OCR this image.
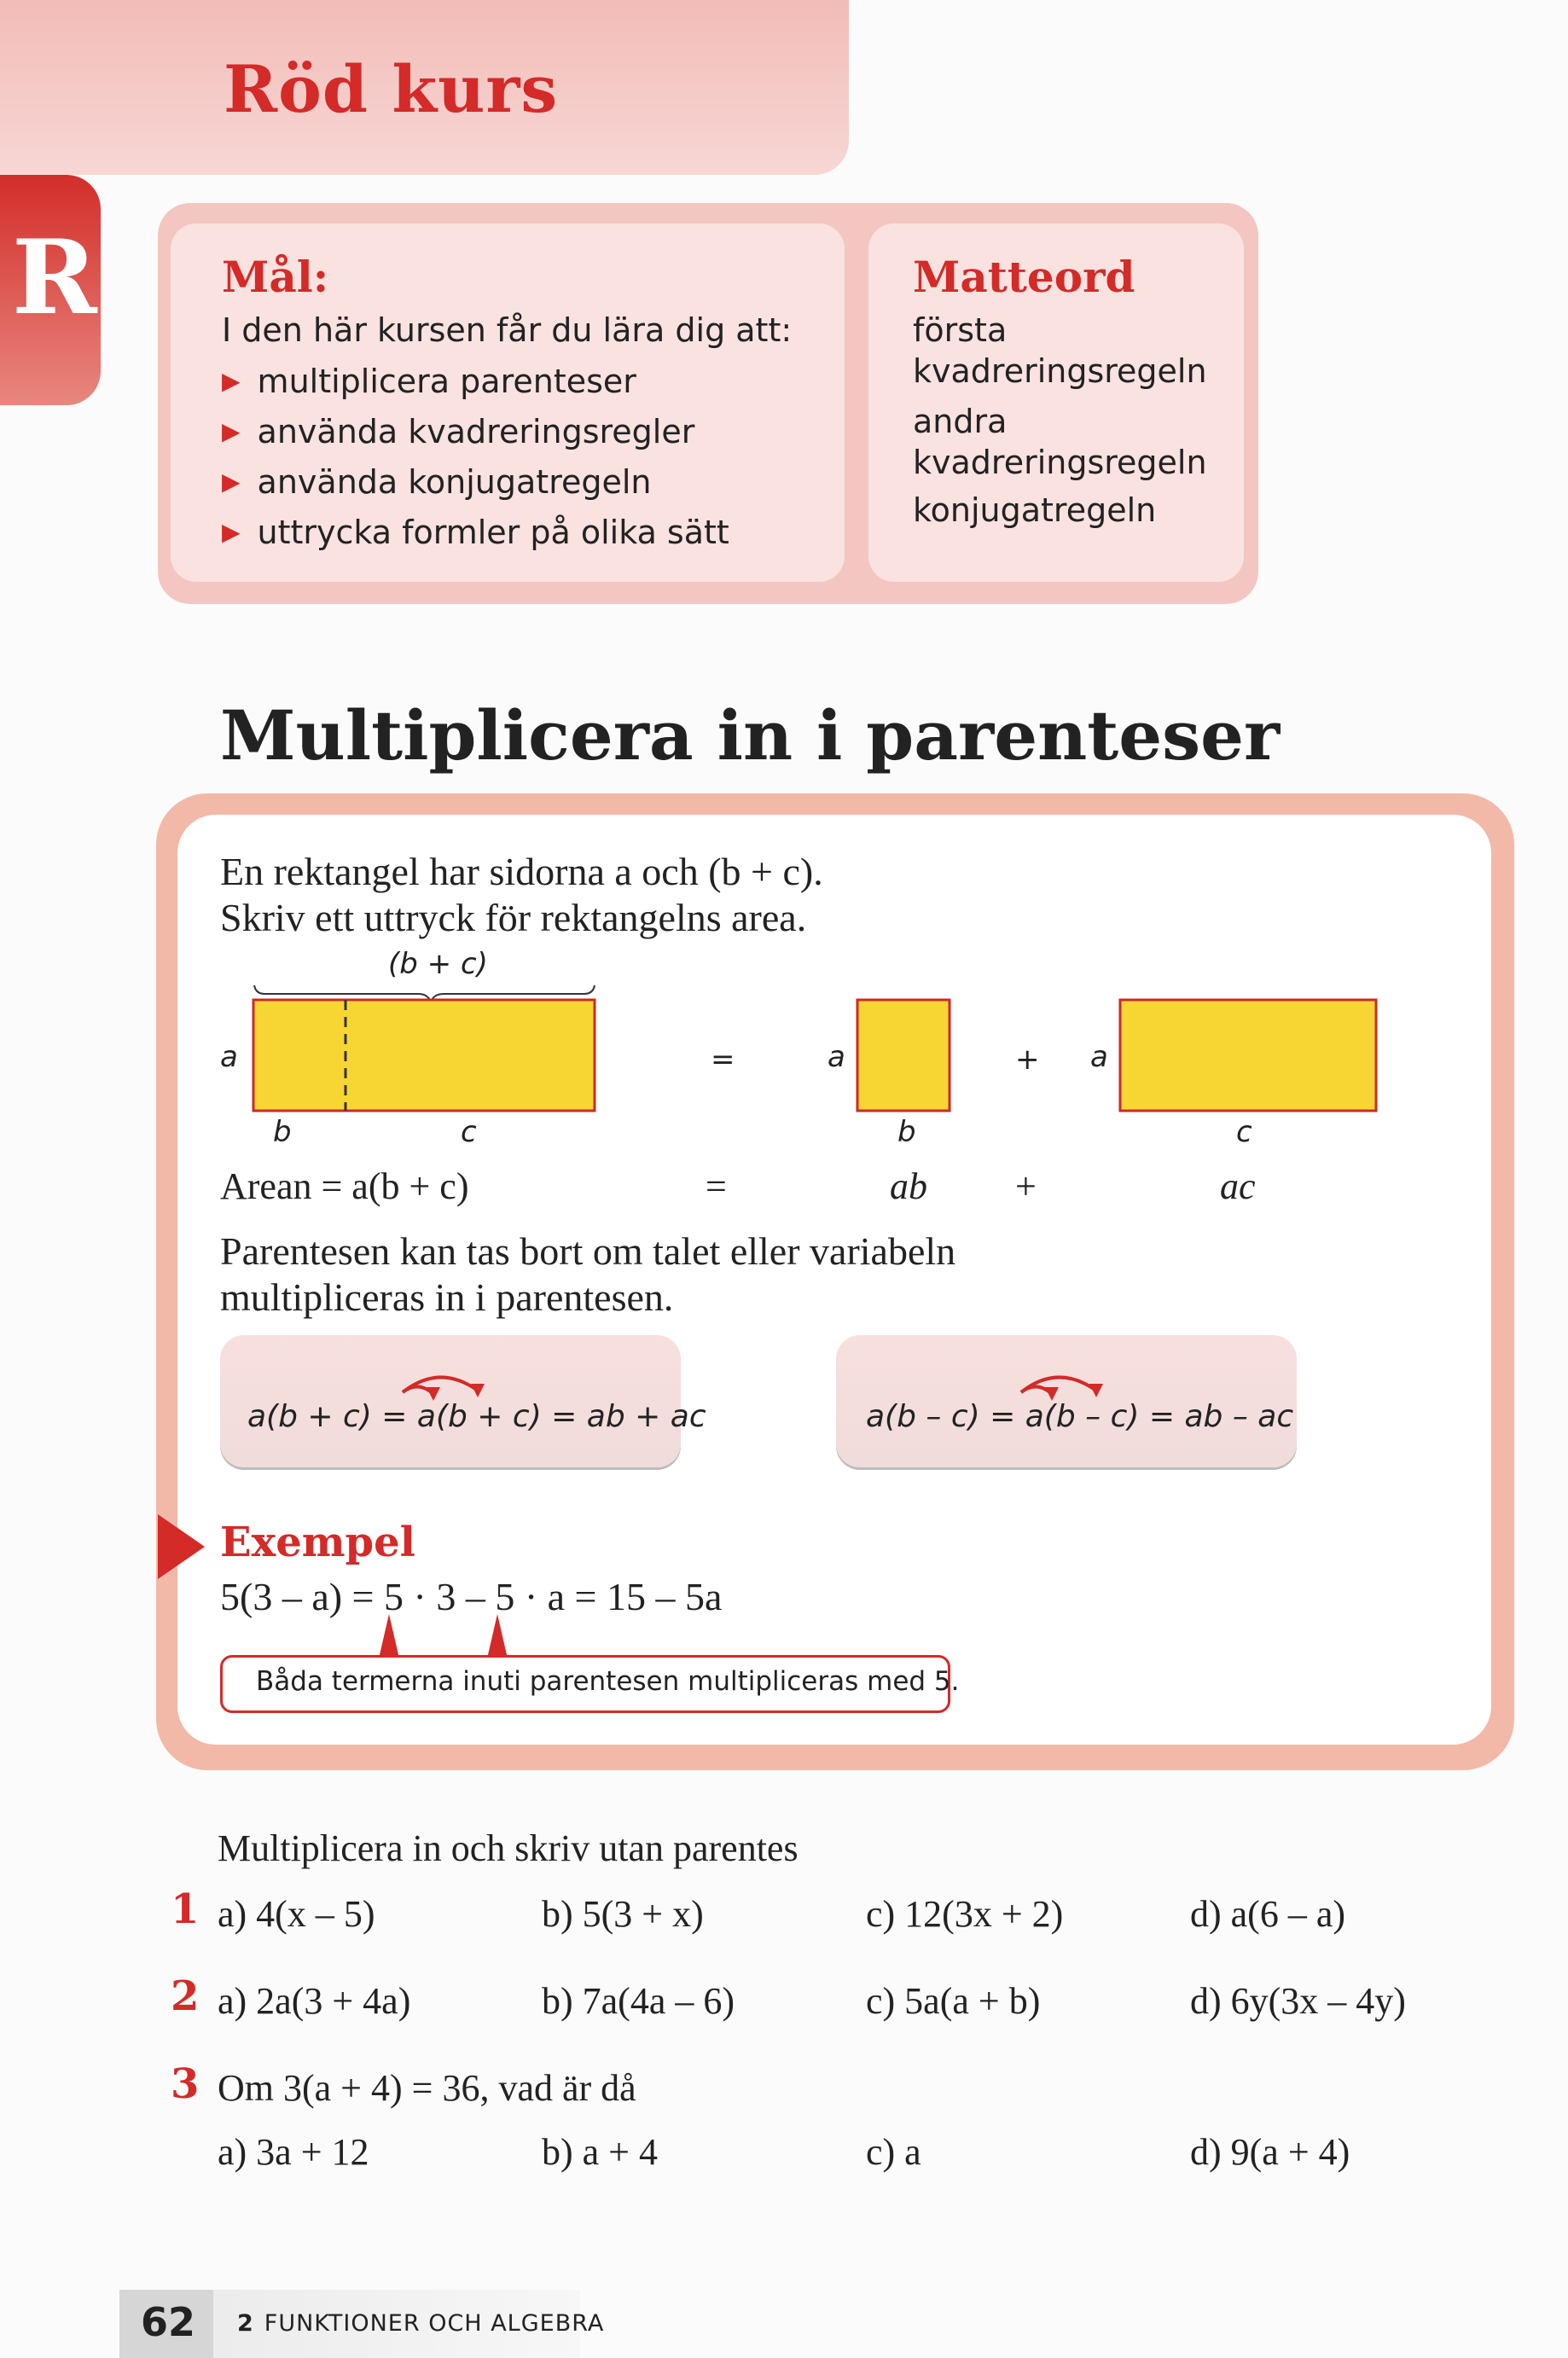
Röd kurs
R	Mål:	Matteord
I den här kursen får du lära dig att:
▶ multiplicera parenteser
▶ använda kvadreringsregler
▶ använda konjugatregeln
▶ uttrycka formler på olika sätt
första
kvadreringsregeln
andra
kvadreringsregeln
konjugatregeln
Multiplicera in i parenteser
En rektangel har sidorna a och (b + c).
Skriv ett uttryck för rektangelns area.
(b + c)
a
b	c
=	a
b
+ a
c
Arean = a(b + c)	=	ab +	ac
Parentesen kan tas bort om talet eller variabeln
multipliceras in i parentesen.
a(b + c) = a(b + c) = ab + ac	a(b – c) = a(b – c) = ab – ac
Exempel
5(3 – a) = 5 · 3 – 5 · a = 15 – 5a
Båda termerna inuti parentesen multipliceras med 5.
Multiplicera in och skriv utan parentes
1 a) 4(x – 5)	b) 5(3 + x)	c) 12(3x + 2)	d) a(6 – a)
2 a) 2a(3 + 4a)	b) 7a(4a – 6)	c) 5a(a + b)	d) 6y(3x – 4y)
3 Om 3(a + 4) = 36, vad är då
a) 3a + 12	b) a + 4	c) a	d) 9(a + 4)
62 2 FUNKTIONER OCH ALGEBRA
